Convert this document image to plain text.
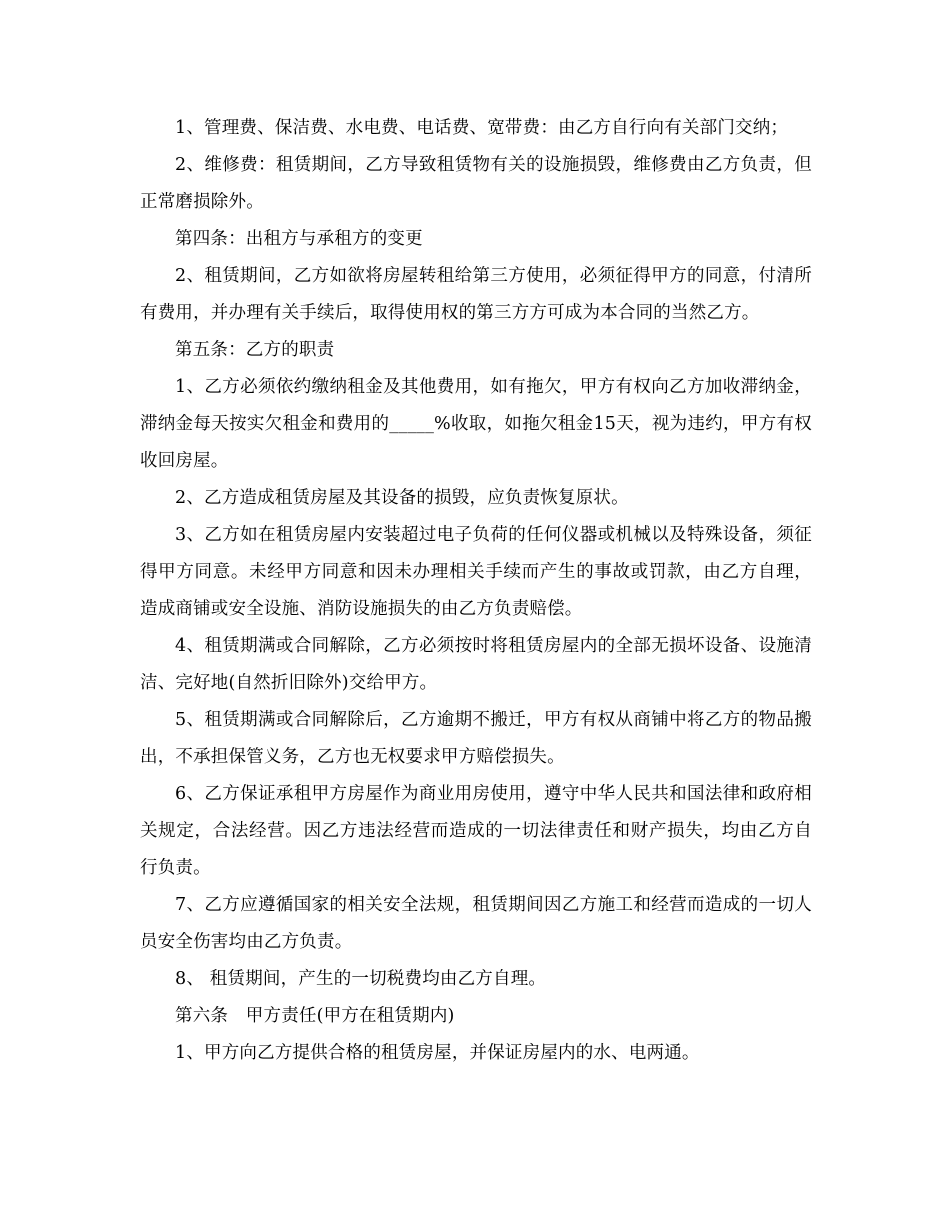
1、管理费、保洁费、水电费、电话费、宽带费：由乙方自行向有关部门交纳；

2、维修费：租赁期间，乙方导致租赁物有关的设施损毁，维修费由乙方负责，但正常磨损除外。

第四条：出租方与承租方的变更

2、租赁期间，乙方如欲将房屋转租给第三方使用，必须征得甲方的同意，付清所有费用，并办理有关手续后，取得使用权的第三方方可成为本合同的当然乙方。

第五条：乙方的职责

1、乙方必须依约缴纳租金及其他费用，如有拖欠，甲方有权向乙方加收滞纳金，滞纳金每天按实欠租金和费用的_____%收取，如拖欠租金15天，视为违约，甲方有权收回房屋。

2、乙方造成租赁房屋及其设备的损毁，应负责恢复原状。

3、乙方如在租赁房屋内安装超过电子负荷的任何仪器或机械以及特殊设备，须征得甲方同意。未经甲方同意和因未办理相关手续而产生的事故或罚款，由乙方自理，造成商铺或安全设施、消防设施损失的由乙方负责赔偿。

4、租赁期满或合同解除，乙方必须按时将租赁房屋内的全部无损坏设备、设施清洁、完好地(自然折旧除外)交给甲方。

5、租赁期满或合同解除后，乙方逾期不搬迁，甲方有权从商铺中将乙方的物品搬出，不承担保管义务，乙方也无权要求甲方赔偿损失。

6、乙方保证承租甲方房屋作为商业用房使用，遵守中华人民共和国法律和政府相关规定，合法经营。因乙方违法经营而造成的一切法律责任和财产损失，均由乙方自行负责。

7、乙方应遵循国家的相关安全法规，租赁期间因乙方施工和经营而造成的一切人员安全伤害均由乙方负责。

8、 租赁期间，产生的一切税费均由乙方自理。

第六条　甲方责任(甲方在租赁期内)

1、甲方向乙方提供合格的租赁房屋，并保证房屋内的水、电两通。
